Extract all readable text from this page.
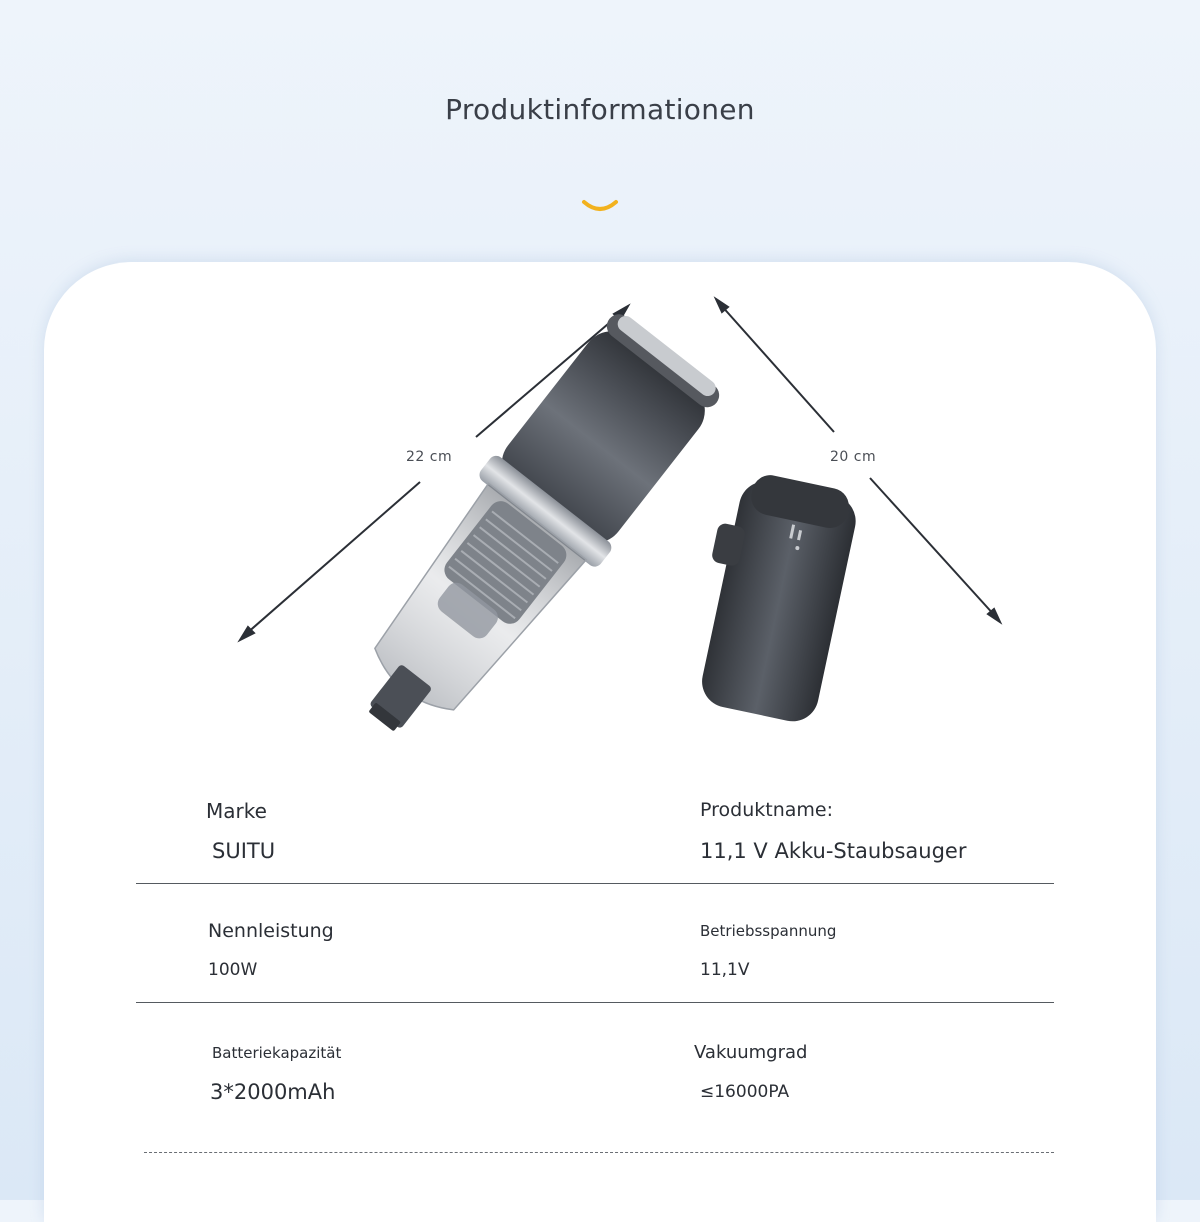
Produktinformationen
22 cm	20 cm
Marke
SUITU
Produktname:
11,1 V Akku-Staubsauger
Nennleistung
100W
Betriebsspannung
11,1V
Batteriekapazität
3*2000mAh
Vakuumgrad
≤16000PA
